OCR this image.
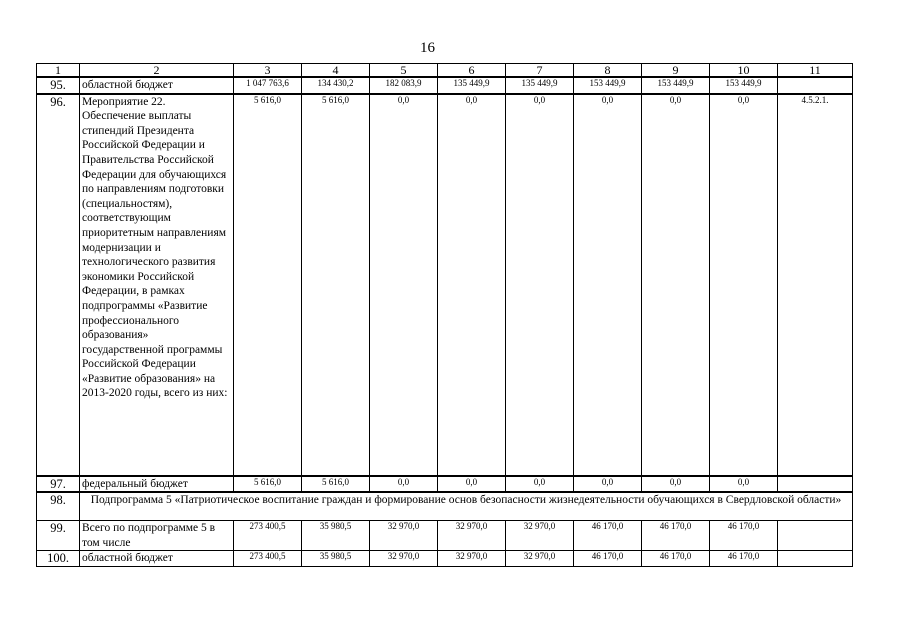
16
1	2	3	4	5	6	7	8	9	10	11
95.	областной бюджет	1 047 763,6	134 430,2	182 083,9	135 449,9	135 449,9	153 449,9	153 449,9	153 449,9	
96.	Мероприятие 22. Обеспечение выплаты стипендий Президента Российской Федерации и Правительства Российской Федерации для обучающихся по направлениям подготовки (специальностям), соответствующим приоритетным направлениям модернизации и технологического развития экономики Российской Федерации, в рамках подпрограммы «Развитие профессионального образования» государственной программы Российской Федерации «Развитие образования» на 2013-2020 годы, всего из них:	5 616,0	5 616,0	0,0	0,0	0,0	0,0	0,0	0,0	4.5.2.1.
97.	федеральный бюджет	5 616,0	5 616,0	0,0	0,0	0,0	0,0	0,0	0,0	
98.	Подпрограмма 5 «Патриотическое воспитание граждан и формирование основ безопасности жизнедеятельности обучающихся в Свердловской области»									
99.	Всего по подпрограмме 5 в том числе	273 400,5	35 980,5	32 970,0	32 970,0	32 970,0	46 170,0	46 170,0	46 170,0	
100.	областной бюджет	273 400,5	35 980,5	32 970,0	32 970,0	32 970,0	46 170,0	46 170,0	46 170,0	
